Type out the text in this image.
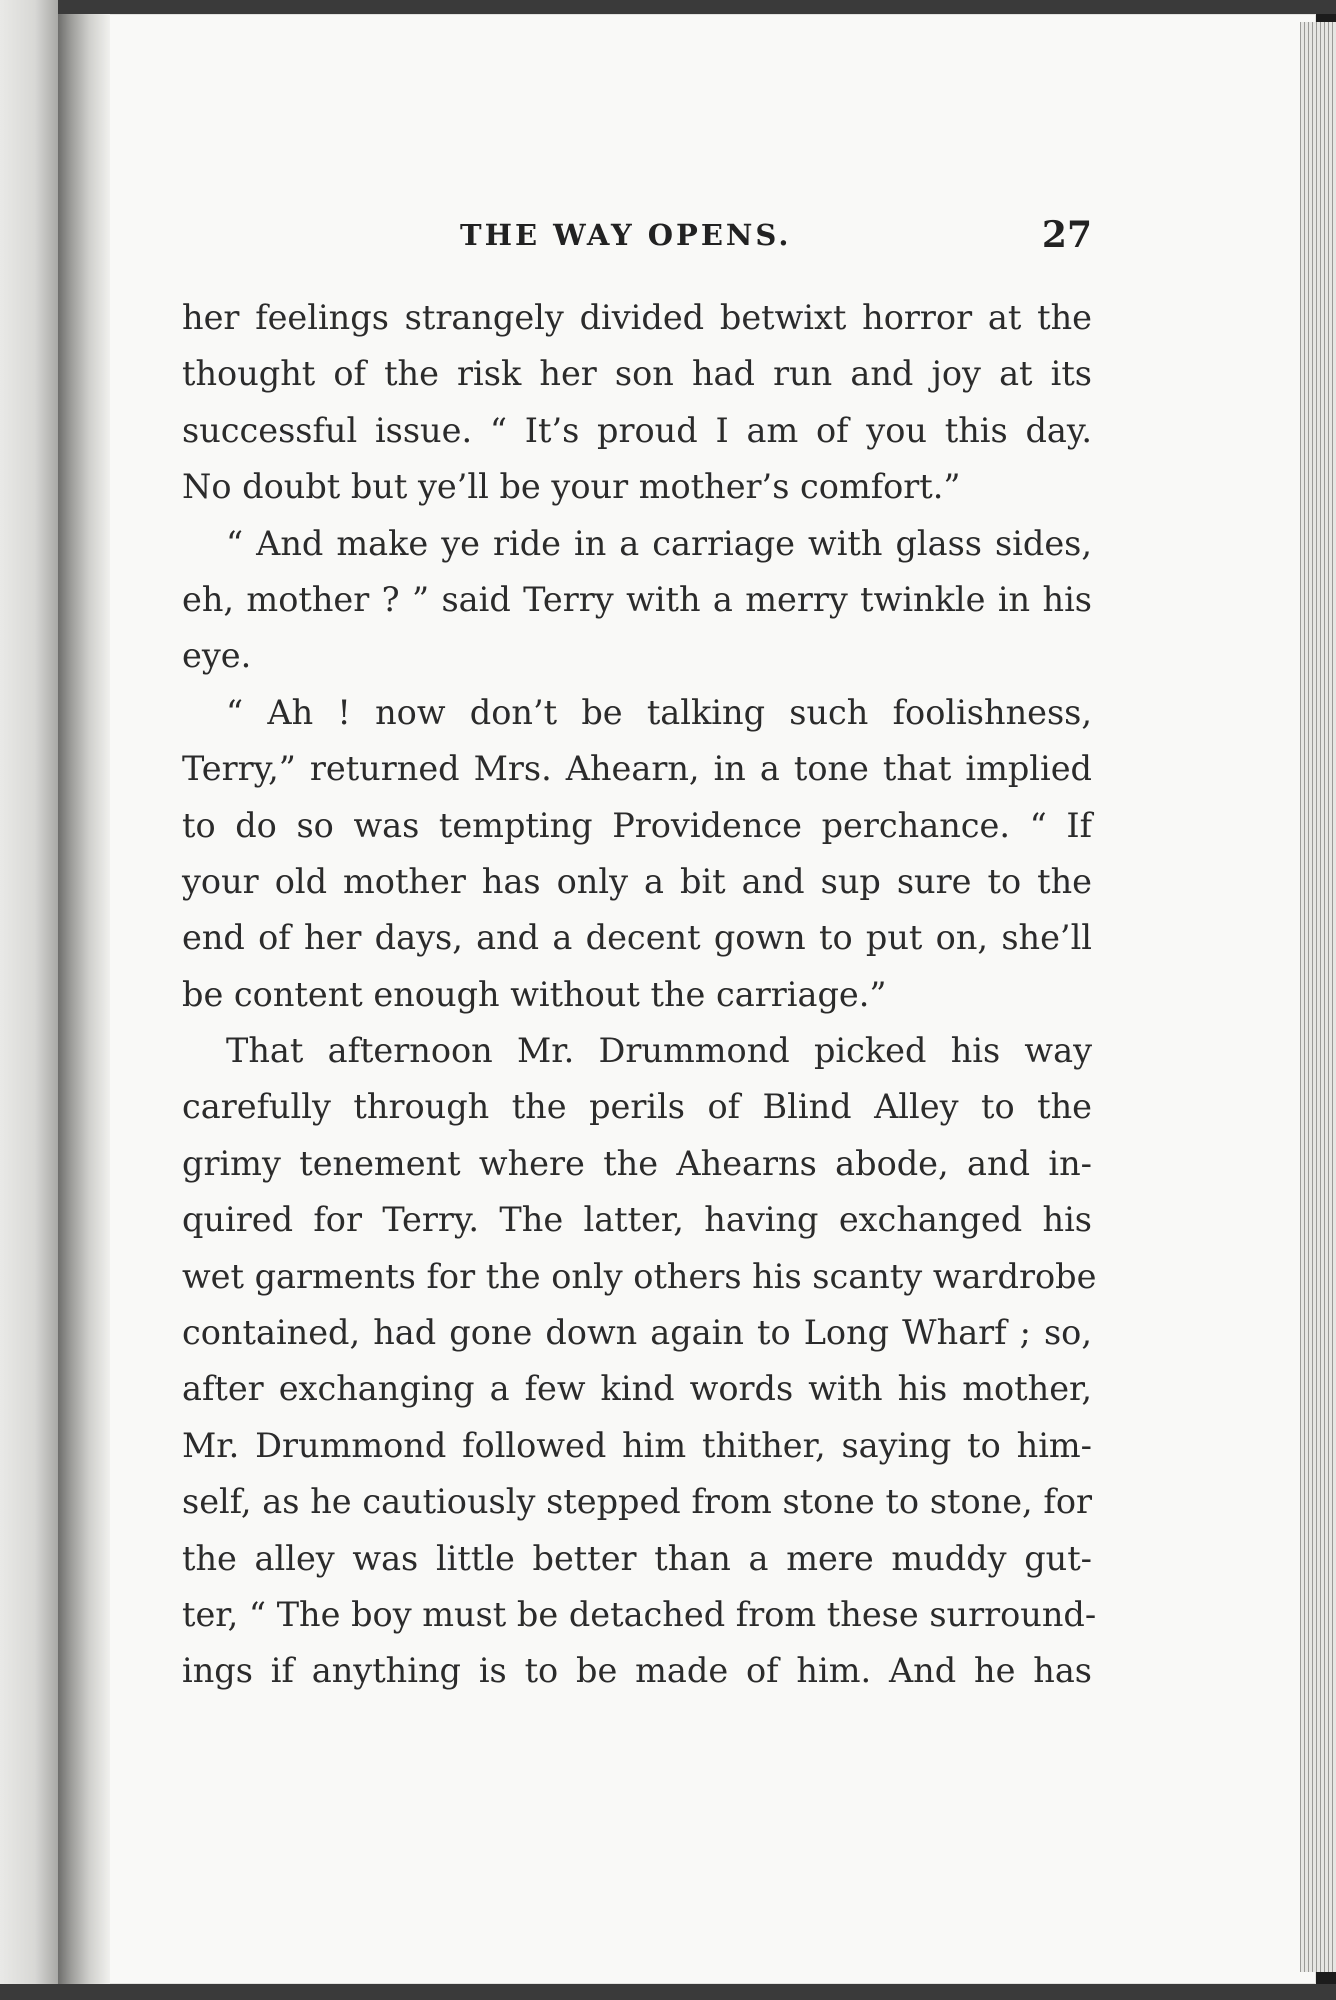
THE WAY OPENS.	27
her feelings strangely divided betwixt horror at the
thought of the risk her son had run and joy at its
successful issue. “ It’s proud I am of you this day.
No doubt but ye’ll be your mother’s comfort.”
“ And make ye ride in a carriage with glass sides,
eh, mother ? ” said Terry with a merry twinkle in his
eye.
“ Ah ! now don’t be talking such foolishness,
Terry,” returned Mrs. Ahearn, in a tone that implied
to do so was tempting Providence perchance. “ If
your old mother has only a bit and sup sure to the
end of her days, and a decent gown to put on, she’ll
be content enough without the carriage.”
That afternoon Mr. Drummond picked his way
carefully through the perils of Blind Alley to the
grimy tenement where the Ahearns abode, and in-
quired for Terry. The latter, having exchanged his
wet garments for the only others his scanty wardrobe
contained, had gone down again to Long Wharf ; so,
after exchanging a few kind words with his mother,
Mr. Drummond followed him thither, saying to him-
self, as he cautiously stepped from stone to stone, for
the alley was little better than a mere muddy gut-
ter, “ The boy must be detached from these surround-
ings if anything is to be made of him. And he has
